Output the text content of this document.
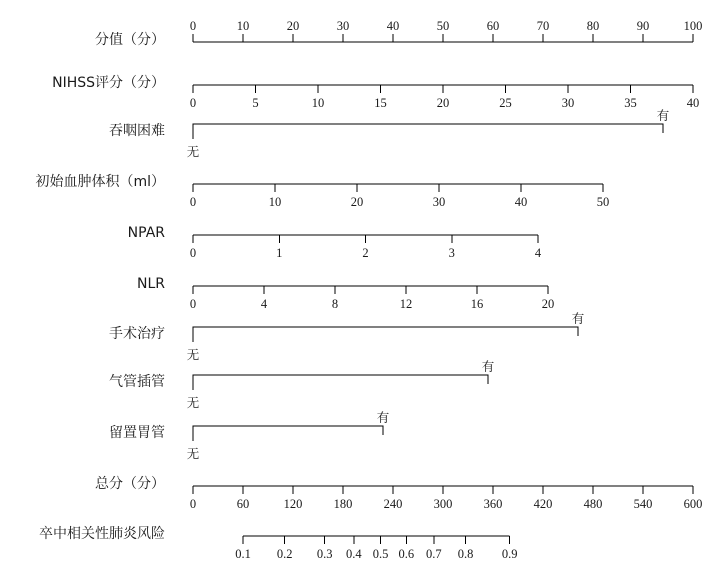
分值（分）
0	10	20	30	40	50	60	70	80	90	100
NIHSS评分（分）
0	5	10	15	20	25	30	35	40
吞咽困难
无
有
初始血肿体积（ml）
0	10	20	30	40	50
NPAR
0	1	2	3	4
NLR
0	4	8	12	16	20
手术治疗
无
有
气管插管
无
有
留置胃管
无
有
总分（分）
0	60	120	180	240	300	360	420	480	540	600
卒中相关性肺炎风险
0.1 0.2 0.3 0.4 0.5 0.6 0.7 0.8 0.9
